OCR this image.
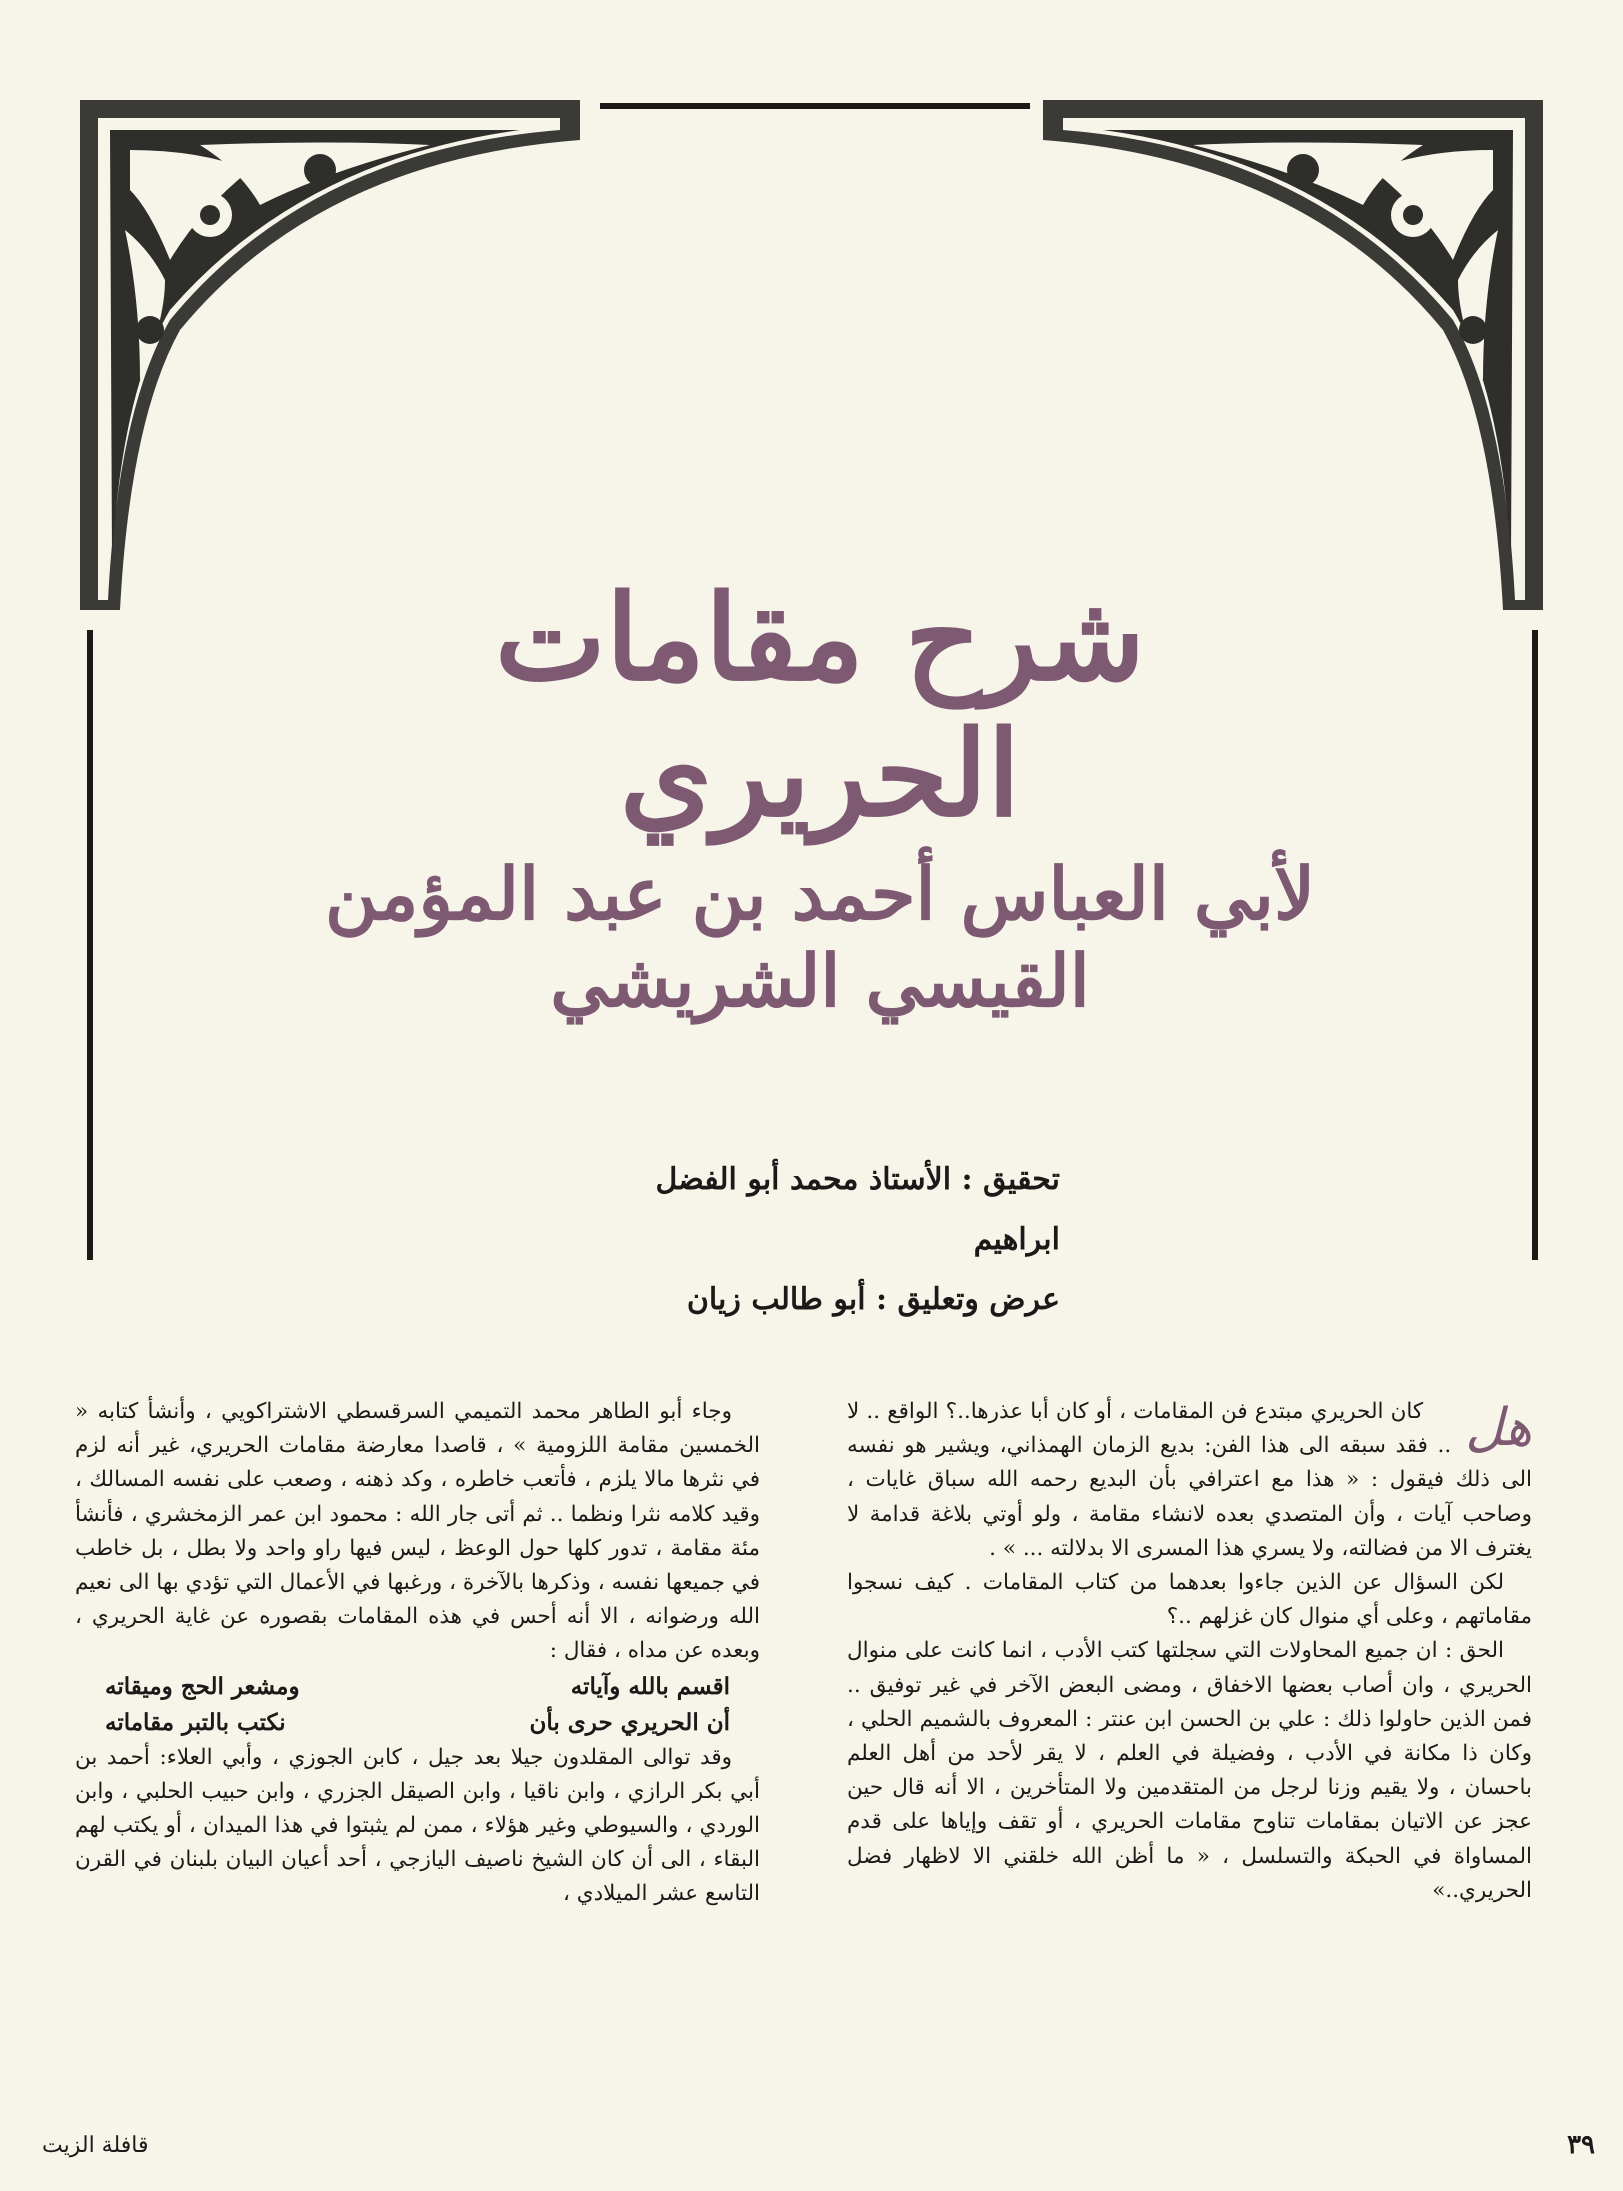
شرح مقامات الحريري
لأبي العباس أحمد بن عبد المؤمن القيسي الشريشي
تحقيق : الأستاذ محمد أبو الفضل ابراهيم
عرض وتعليق : أبو طالب زيان
هل

كان الحريري مبتدع فن المقامات ، أو كان أبا عذرها..؟ الواقع .. لا .. فقد سبقه الى هذا الفن: بديع الزمان الهمذاني، ويشير هو نفسه الى ذلك فيقول : « هذا مع اعترافي بأن البديع رحمه الله سباق غايات ، وصاحب آيات ، وأن المتصدي بعده لانشاء مقامة ، ولو أوتي بلاغة قدامة لا يغترف الا من فضالته، ولا يسري هذا المسرى الا بدلالته ... » .

لكن السؤال عن الذين جاءوا بعدهما من كتاب المقامات . كيف نسجوا مقاماتهم ، وعلى أي منوال كان غزلهم ..؟

الحق : ان جميع المحاولات التي سجلتها كتب الأدب ، انما كانت على منوال الحريري ، وان أصاب بعضها الاخفاق ، ومضى البعض الآخر في غير توفيق .. فمن الذين حاولوا ذلك : علي بن الحسن ابن عنتر : المعروف بالشميم الحلي ، وكان ذا مكانة في الأدب ، وفضيلة في العلم ، لا يقر لأحد من أهل العلم باحسان ، ولا يقيم وزنا لرجل من المتقدمين ولا المتأخرين ، الا أنه قال حين عجز عن الاتيان بمقامات تناوح مقامات الحريري ، أو تقف وإياها على قدم المساواة في الحبكة والتسلسل ، « ما أظن الله خلقني الا لاظهار فضل الحريري..»

وجاء أبو الطاهر محمد التميمي السرقسطي الاشتراكويي ، وأنشأ كتابه « الخمسين مقامة اللزومية » ، قاصدا معارضة مقامات الحريري، غير أنه لزم في نثرها مالا يلزم ، فأتعب خاطره ، وكد ذهنه ، وصعب على نفسه المسالك ، وقيد كلامه نثرا ونظما .. ثم أتى جار الله : محمود ابن عمر الزمخشري ، فأنشأ مئة مقامة ، تدور كلها حول الوعظ ، ليس فيها راو واحد ولا بطل ، بل خاطب في جميعها نفسه ، وذكرها بالآخرة ، ورغبها في الأعمال التي تؤدي بها الى نعيم الله ورضوانه ، الا أنه أحس في هذه المقامات بقصوره عن غاية الحريري ، وبعده عن مداه ، فقال :

اقسم بالله وآياته
ومشعر الحج وميقاته
أن الحريري حرى بأن
نكتب بالتبر مقاماته

وقد توالى المقلدون جيلا بعد جيل ، كابن الجوزي ، وأبي العلاء: أحمد بن أبي بكر الرازي ، وابن ناقيا ، وابن الصيقل الجزري ، وابن حبيب الحلبي ، وابن الوردي ، والسيوطي وغير هؤلاء ، ممن لم يثبتوا في هذا الميدان ، أو يكتب لهم البقاء ، الى أن كان الشيخ ناصيف اليازجي ، أحد أعيان البيان بلبنان في القرن التاسع عشر الميلادي ،

قافلة الزيت	٣٩
